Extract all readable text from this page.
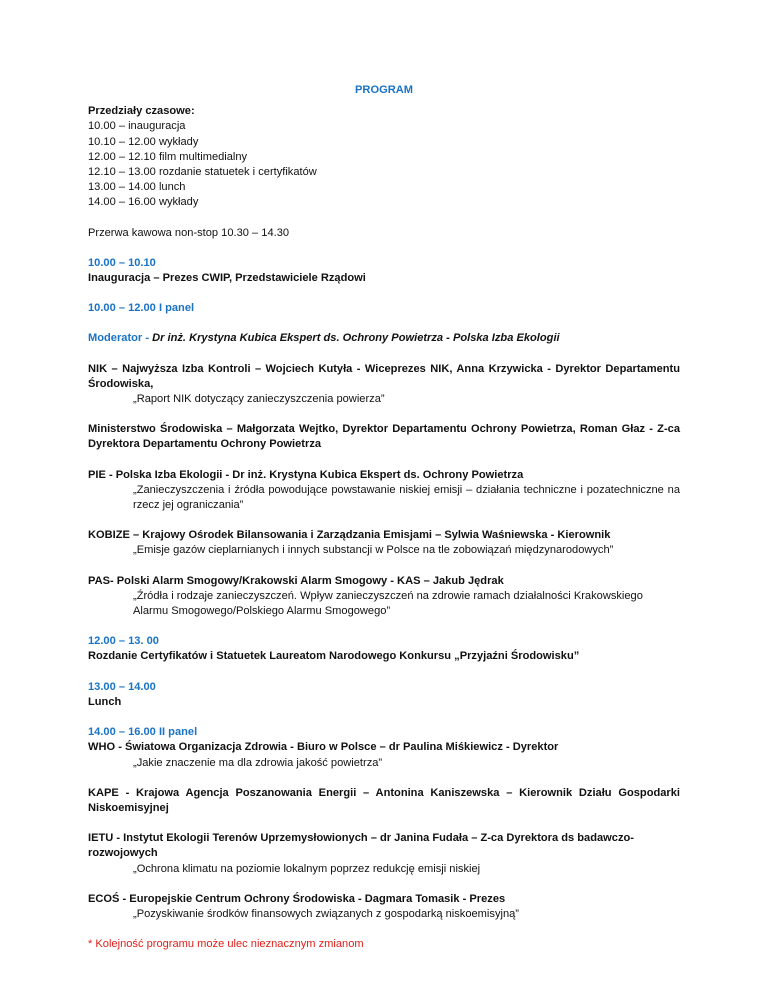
PROGRAM

Przedziały czasowe:

10.00 – inauguracja

10.10 – 12.00 wykłady

12.00 – 12.10 film multimedialny

12.10 – 13.00 rozdanie statuetek i certyfikatów

13.00 – 14.00 lunch

14.00 – 16.00 wykłady

Przerwa kawowa non-stop 10.30 – 14.30

10.00 – 10.10

Inauguracja – Prezes CWIP, Przedstawiciele Rządowi

10.00 – 12.00 I panel

Moderator - Dr inż. Krystyna Kubica Ekspert ds. Ochrony Powietrza - Polska Izba Ekologii

NIK – Najwyższa Izba Kontroli – Wojciech Kutyła - Wiceprezes NIK, Anna Krzywicka - Dyrektor Departamentu Środowiska,

„Raport NIK dotyczący zanieczyszczenia powierza”

Ministerstwo Środowiska – Małgorzata Wejtko, Dyrektor Departamentu Ochrony Powietrza, Roman Głaz - Z-ca Dyrektora Departamentu Ochrony Powietrza

PIE - Polska Izba Ekologii - Dr inż. Krystyna Kubica Ekspert ds. Ochrony Powietrza

„Zanieczyszczenia i źródła powodujące powstawanie niskiej emisji – działania techniczne i pozatechniczne na rzecz jej ograniczania”

KOBIZE – Krajowy Ośrodek Bilansowania i Zarządzania Emisjami – Sylwia Waśniewska - Kierownik

„Emisje gazów cieplarnianych i innych substancji w Polsce na tle zobowiązań międzynarodowych”

PAS- Polski Alarm Smogowy/Krakowski Alarm Smogowy - KAS – Jakub Jędrak

„Źródła i rodzaje zanieczyszczeń. Wpływ zanieczyszczeń na zdrowie ramach działalności Krakowskiego Alarmu Smogowego/Polskiego Alarmu Smogowego”

12.00 – 13. 00

Rozdanie Certyfikatów i Statuetek Laureatom Narodowego Konkursu „Przyjaźni Środowisku”

13.00 – 14.00

Lunch

14.00 – 16.00 II panel

WHO - Światowa Organizacja Zdrowia - Biuro w Polsce – dr Paulina Miśkiewicz - Dyrektor

„Jakie znaczenie ma dla zdrowia jakość powietrza”

KAPE - Krajowa Agencja Poszanowania Energii – Antonina Kaniszewska – Kierownik Działu Gospodarki Niskoemisyjnej

IETU - Instytut Ekologii Terenów Uprzemysłowionych – dr Janina Fudała – Z-ca Dyrektora ds badawczo-rozwojowych

„Ochrona klimatu na poziomie lokalnym poprzez redukcję emisji niskiej

ECOŚ - Europejskie Centrum Ochrony Środowiska - Dagmara Tomasik - Prezes

„Pozyskiwanie środków finansowych związanych z gospodarką niskoemisyjną”

* Kolejność programu może ulec nieznacznym zmianom
